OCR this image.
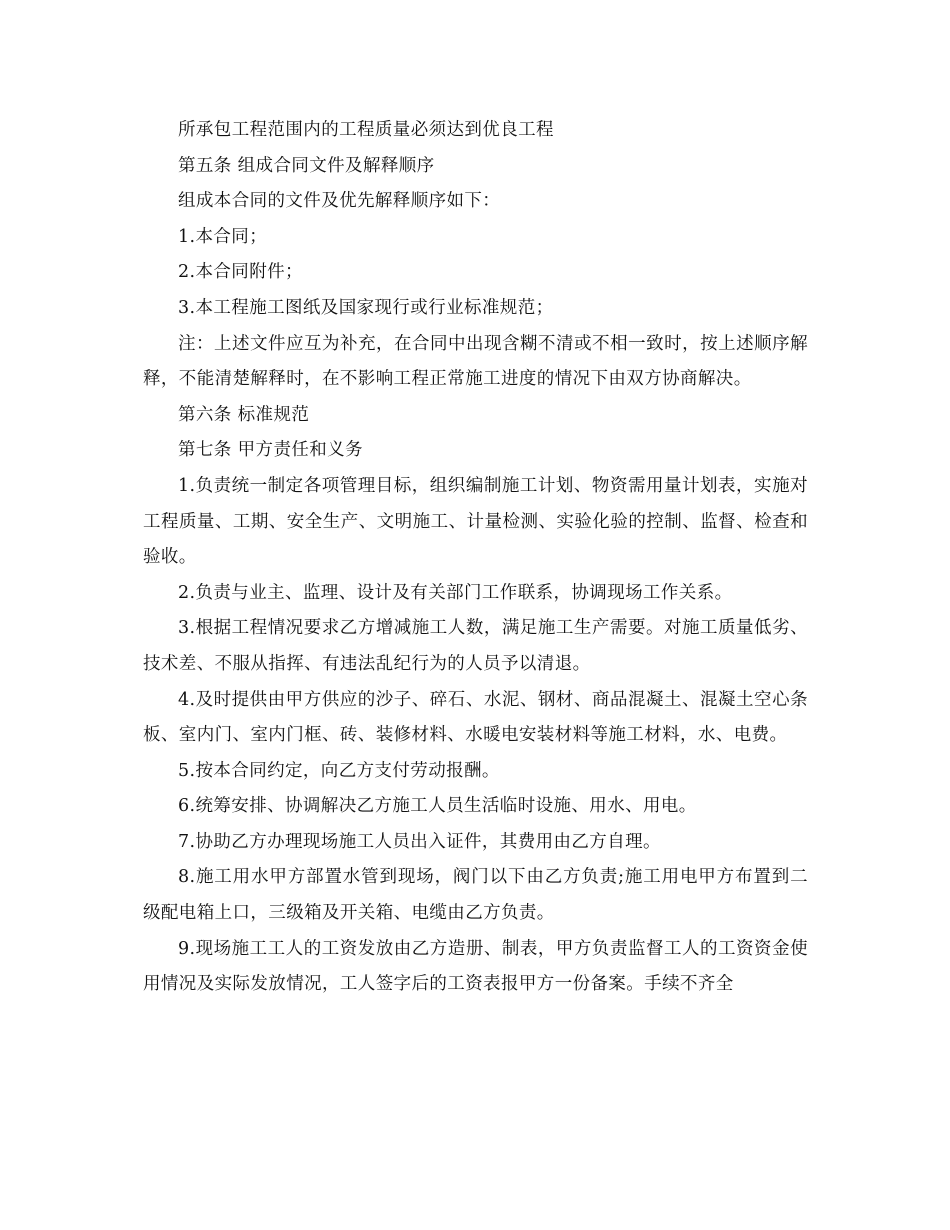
所承包工程范围内的工程质量必须达到优良工程

第五条 组成合同文件及解释顺序

组成本合同的文件及优先解释顺序如下：

1.本合同；

2.本合同附件；

3.本工程施工图纸及国家现行或行业标准规范；

注：上述文件应互为补充，在合同中出现含糊不清或不相一致时，按上述顺序解释，不能清楚解释时，在不影响工程正常施工进度的情况下由双方协商解决。

第六条 标准规范

第七条 甲方责任和义务

1.负责统一制定各项管理目标，组织编制施工计划、物资需用量计划表，实施对工程质量、工期、安全生产、文明施工、计量检测、实验化验的控制、监督、检查和验收。

2.负责与业主、监理、设计及有关部门工作联系，协调现场工作关系。

3.根据工程情况要求乙方增减施工人数，满足施工生产需要。对施工质量低劣、技术差、不服从指挥、有违法乱纪行为的人员予以清退。

4.及时提供由甲方供应的沙子、碎石、水泥、钢材、商品混凝土、混凝土空心条板、室内门、室内门框、砖、装修材料、水暖电安装材料等施工材料，水、电费。

5.按本合同约定，向乙方支付劳动报酬。

6.统筹安排、协调解决乙方施工人员生活临时设施、用水、用电。

7.协助乙方办理现场施工人员出入证件，其费用由乙方自理。

8.施工用水甲方部置水管到现场，阀门以下由乙方负责;施工用电甲方布置到二级配电箱上口，三级箱及开关箱、电缆由乙方负责。

9.现场施工工人的工资发放由乙方造册、制表，甲方负责监督工人的工资资金使用情况及实际发放情况，工人签字后的工资表报甲方一份备案。手续不齐全
